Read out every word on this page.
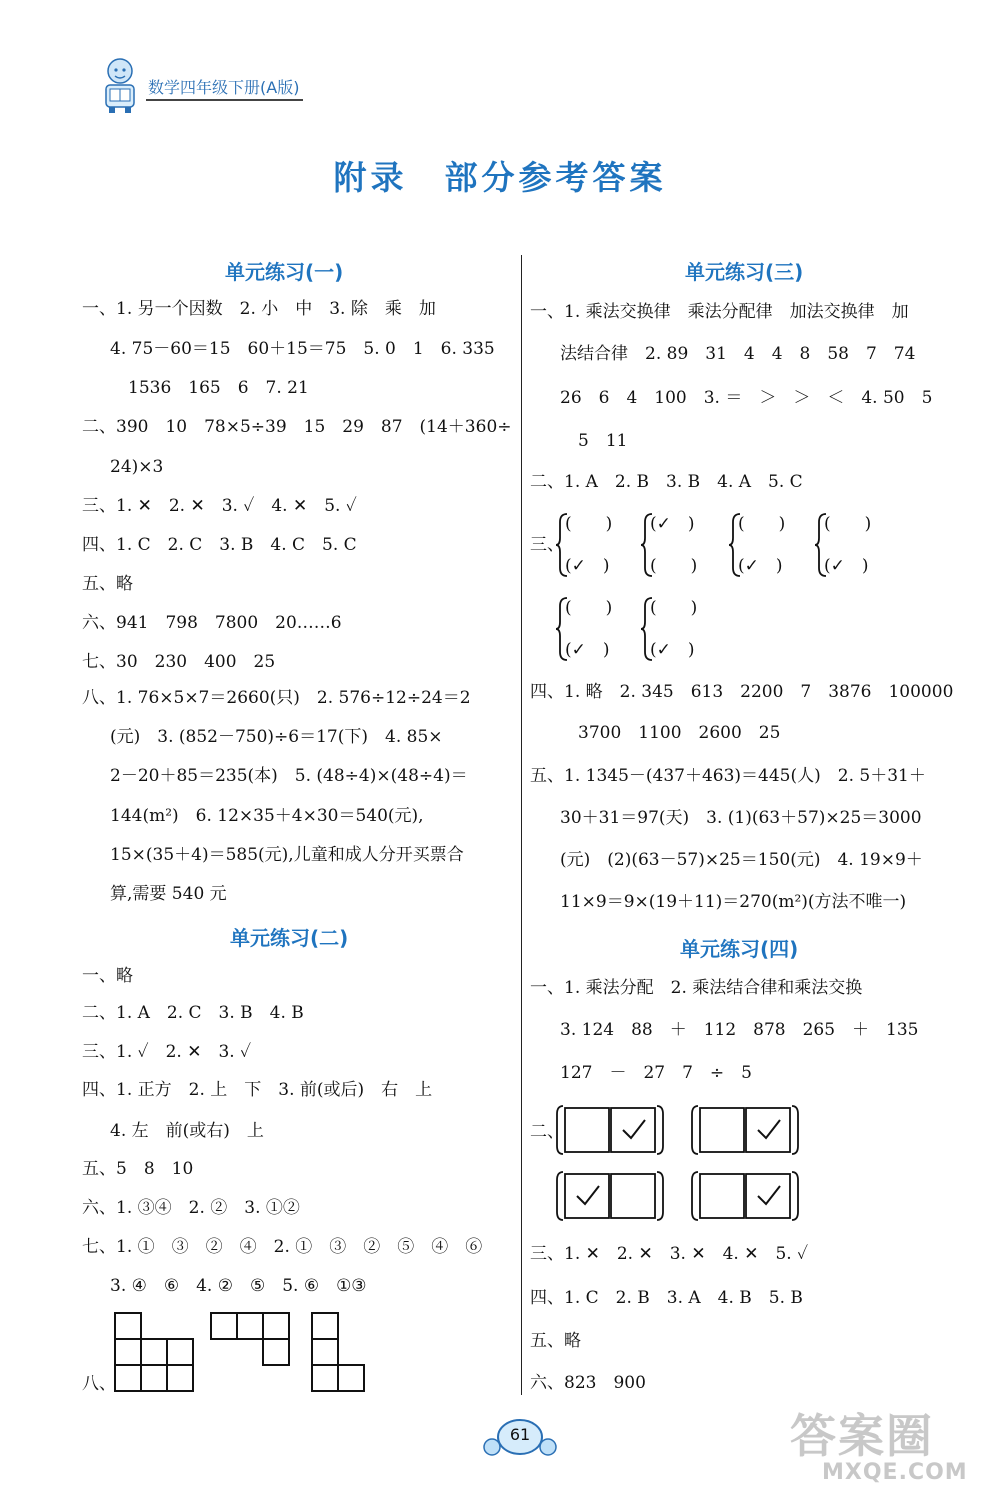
数学四年级下册(A版)
附录　部分参考答案
单元练习(一)
一、1. 另一个因数　2. 小　中　3. 除　乘　加
4. 75－60＝15　60＋15＝75　5. 0　1　6. 335
1536　165　6　7. 21
二、390　10　78×5÷39　15　29　87　(14＋360÷
24)×3
三、1. ✕　2. ✕　3. ✓　4. ✕　5. ✓
四、1. C　2. C　3. B　4. C　5. C
五、略
六、941　798　7800　20……6
七、30　230　400　25
八、1. 76×5×7＝2660(只)　2. 576÷12÷24＝2
(元)　3. (852－750)÷6＝17(下)　4. 85×
2－20＋85＝235(本)　5. (48÷4)×(48÷4)＝
144(m²)　6. 12×35＋4×30＝540(元),
15×(35＋4)＝585(元),儿童和成人分开买票合
算,需要 540 元
单元练习(二)
一、略
二、1. A　2. C　3. B　4. B
三、1. ✓　2. ✕　3. ✓
四、1. 正方　2. 上　下　3. 前(或后)　右　上
4. 左　前(或右)　上
五、5　8　10
六、1. ③④　2. ②　3. ①②
七、1. ①　③　②　④　2. ①　③　②　⑤　④　⑥
3. ④　⑥　4. ②　⑤　5. ⑥　①③
八、
单元练习(三)
一、1. 乘法交换律　乘法分配律　加法交换律　加
法结合律　2. 89　31　4　4　8　58　7　74
26　6　4　100　3. ＝　＞　＞　＜　4. 50　5
5　11
二、1. A　2. B　3. B　4. A　5. C
三、
(　　)
(✓　)
(✓　)
(　　)
(　　)
(✓　)
(　　)
(✓　)
(　　)
(✓　)
(　　)
(✓　)
四、1. 略　2. 345　613　2200　7　3876　100000
3700　1100　2600　25
五、1. 1345－(437＋463)＝445(人)　2. 5＋31＋
30＋31＝97(天)　3. (1)(63＋57)×25＝3000
(元)　(2)(63－57)×25＝150(元)　4. 19×9＋
11×9＝9×(19＋11)＝270(m²)(方法不唯一)
单元练习(四)
一、1. 乘法分配　2. 乘法结合律和乘法交换
3. 124　88　＋　112　878　265　＋　135
127　－　27　7　÷　5
二、
三、1. ✕　2. ✕　3. ✕　4. ✕　5. ✓
四、1. C　2. B　3. A　4. B　5. B
五、略
六、823　900
61	答案圈
MXQE.COM
